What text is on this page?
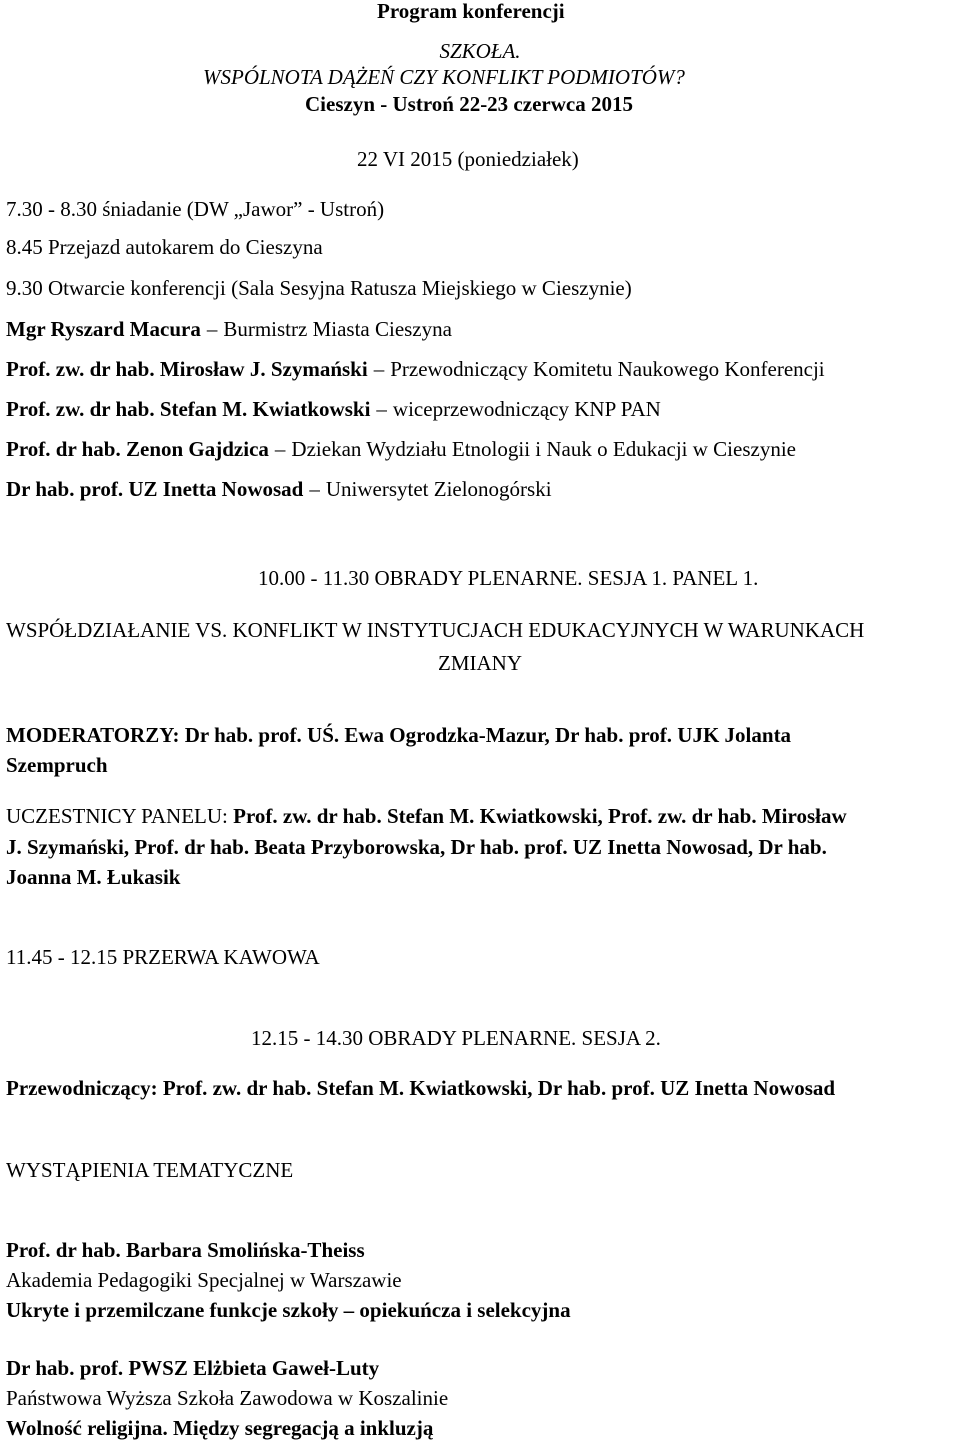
Program konferencji
SZKOŁA.
WSPÓLNOTA DĄŻEŃ CZY KONFLIKT PODMIOTÓW?
Cieszyn - Ustroń 22-23 czerwca 2015
22 VI 2015 (poniedziałek)
7.30 - 8.30 śniadanie (DW „Jawor” - Ustroń)
8.45 Przejazd autokarem do Cieszyna
9.30 Otwarcie konferencji (Sala Sesyjna Ratusza Miejskiego w Cieszynie)
Mgr Ryszard Macura – Burmistrz Miasta Cieszyna
Prof. zw. dr hab. Mirosław J. Szymański – Przewodniczący Komitetu Naukowego Konferencji
Prof. zw. dr hab. Stefan M. Kwiatkowski – wiceprzewodniczący KNP PAN
Prof. dr hab. Zenon Gajdzica – Dziekan Wydziału Etnologii i Nauk o Edukacji w Cieszynie
Dr hab. prof. UZ Inetta Nowosad – Uniwersytet Zielonogórski
10.00 - 11.30 OBRADY PLENARNE. SESJA 1. PANEL 1.
WSPÓŁDZIAŁANIE VS. KONFLIKT W INSTYTUCJACH EDUKACYJNYCH W WARUNKACH
ZMIANY
MODERATORZY: Dr hab. prof. UŚ. Ewa Ogrodzka-Mazur, Dr hab. prof. UJK Jolanta
Szempruch
UCZESTNICY PANELU: Prof. zw. dr hab. Stefan M. Kwiatkowski, Prof. zw. dr hab. Mirosław
J. Szymański, Prof. dr hab. Beata Przyborowska, Dr hab. prof. UZ Inetta Nowosad, Dr hab.
Joanna M. Łukasik
11.45 - 12.15 PRZERWA KAWOWA
12.15 - 14.30 OBRADY PLENARNE. SESJA 2.
Przewodniczący: Prof. zw. dr hab. Stefan M. Kwiatkowski, Dr hab. prof. UZ Inetta Nowosad
WYSTĄPIENIA TEMATYCZNE
Prof. dr hab. Barbara Smolińska-Theiss
Akademia Pedagogiki Specjalnej w Warszawie
Ukryte i przemilczane funkcje szkoły – opiekuńcza i selekcyjna
Dr hab. prof. PWSZ Elżbieta Gaweł-Luty
Państwowa Wyższa Szkoła Zawodowa w Koszalinie
Wolność religijna. Między segregacją a inkluzją
